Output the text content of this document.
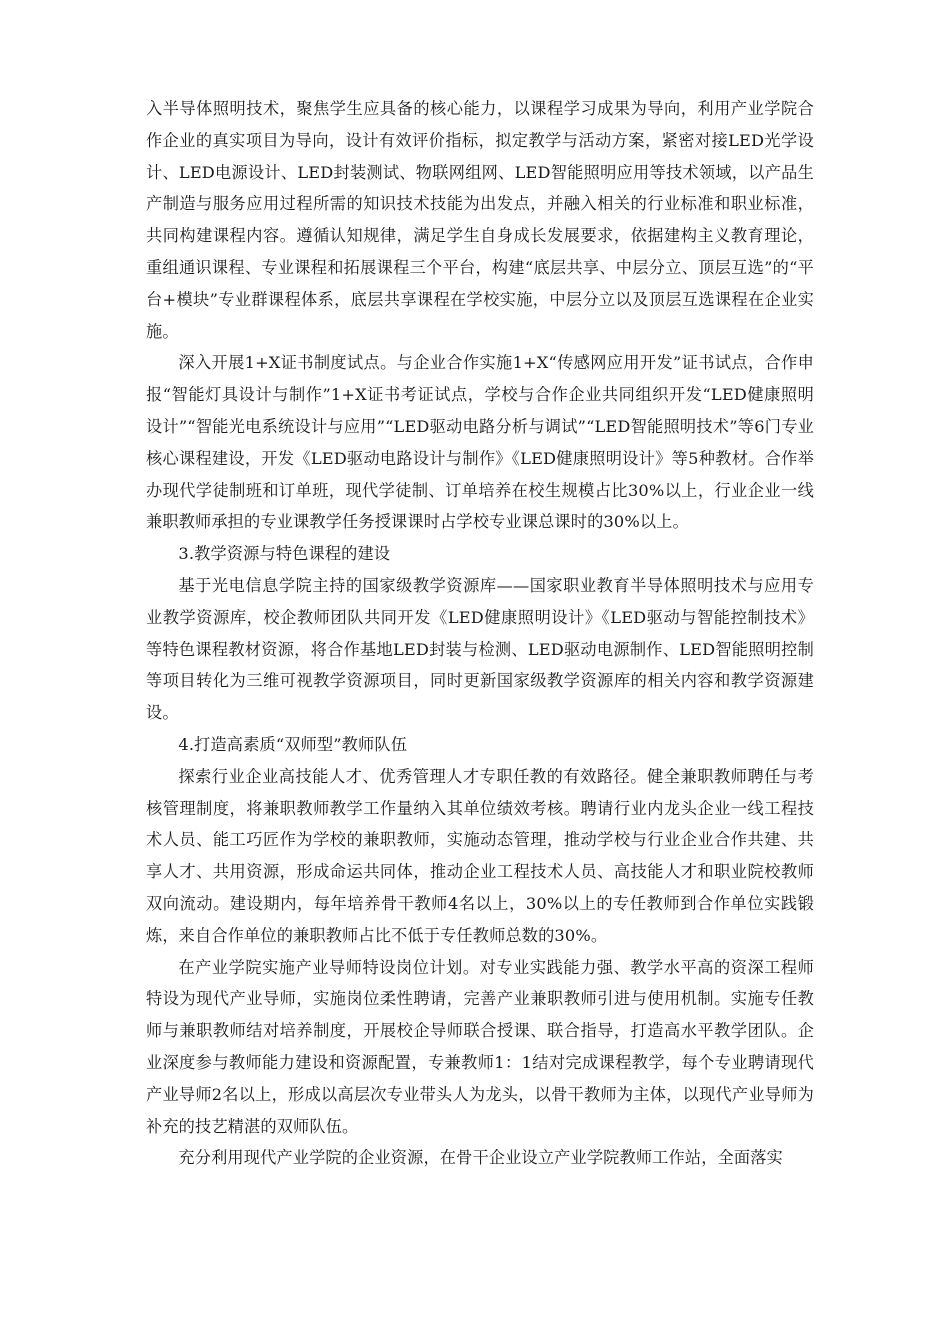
入半导体照明技术，聚焦学生应具备的核心能力，以课程学习成果为导向，利用产业学院合作企业的真实项目为导向，设计有效评价指标，拟定教学与活动方案，紧密对接LED光学设计、LED电源设计、LED封装测试、物联网组网、LED智能照明应用等技术领域，以产品生产制造与服务应用过程所需的知识技术技能为出发点，并融入相关的行业标准和职业标准，共同构建课程内容。遵循认知规律，满足学生自身成长发展要求，依据建构主义教育理论，重组通识课程、专业课程和拓展课程三个平台，构建“底层共享、中层分立、顶层互选”的“平台+模块”专业群课程体系，底层共享课程在学校实施，中层分立以及顶层互选课程在企业实施。

深入开展1+X证书制度试点。与企业合作实施1+X“传感网应用开发”证书试点，合作申报“智能灯具设计与制作”1+X证书考证试点，学校与合作企业共同组织开发“LED健康照明设计”“智能光电系统设计与应用”“LED驱动电路分析与调试”“LED智能照明技术”等6门专业核心课程建设，开发《LED驱动电路设计与制作》《LED健康照明设计》等5种教材。合作举办现代学徒制班和订单班，现代学徒制、订单培养在校生规模占比30%以上，行业企业一线兼职教师承担的专业课教学任务授课课时占学校专业课总课时的30%以上。

3.教学资源与特色课程的建设

基于光电信息学院主持的国家级教学资源库——国家职业教育半导体照明技术与应用专业教学资源库，校企教师团队共同开发《LED健康照明设计》《LED驱动与智能控制技术》等特色课程教材资源，将合作基地LED封装与检测、LED驱动电源制作、LED智能照明控制等项目转化为三维可视教学资源项目，同时更新国家级教学资源库的相关内容和教学资源建设。

4.打造高素质“双师型”教师队伍

探索行业企业高技能人才、优秀管理人才专职任教的有效路径。健全兼职教师聘任与考核管理制度，将兼职教师教学工作量纳入其单位绩效考核。聘请行业内龙头企业一线工程技术人员、能工巧匠作为学校的兼职教师，实施动态管理，推动学校与行业企业合作共建、共享人才、共用资源，形成命运共同体，推动企业工程技术人员、高技能人才和职业院校教师双向流动。建设期内，每年培养骨干教师4名以上，30%以上的专任教师到合作单位实践锻炼，来自合作单位的兼职教师占比不低于专任教师总数的30%。

在产业学院实施产业导师特设岗位计划。对专业实践能力强、教学水平高的资深工程师特设为现代产业导师，实施岗位柔性聘请，完善产业兼职教师引进与使用机制。实施专任教师与兼职教师结对培养制度，开展校企导师联合授课、联合指导，打造高水平教学团队。企业深度参与教师能力建设和资源配置，专兼教师1：1结对完成课程教学，每个专业聘请现代产业导师2名以上，形成以高层次专业带头人为龙头，以骨干教师为主体，以现代产业导师为补充的技艺精湛的双师队伍。

充分利用现代产业学院的企业资源，在骨干企业设立产业学院教师工作站，全面落实
